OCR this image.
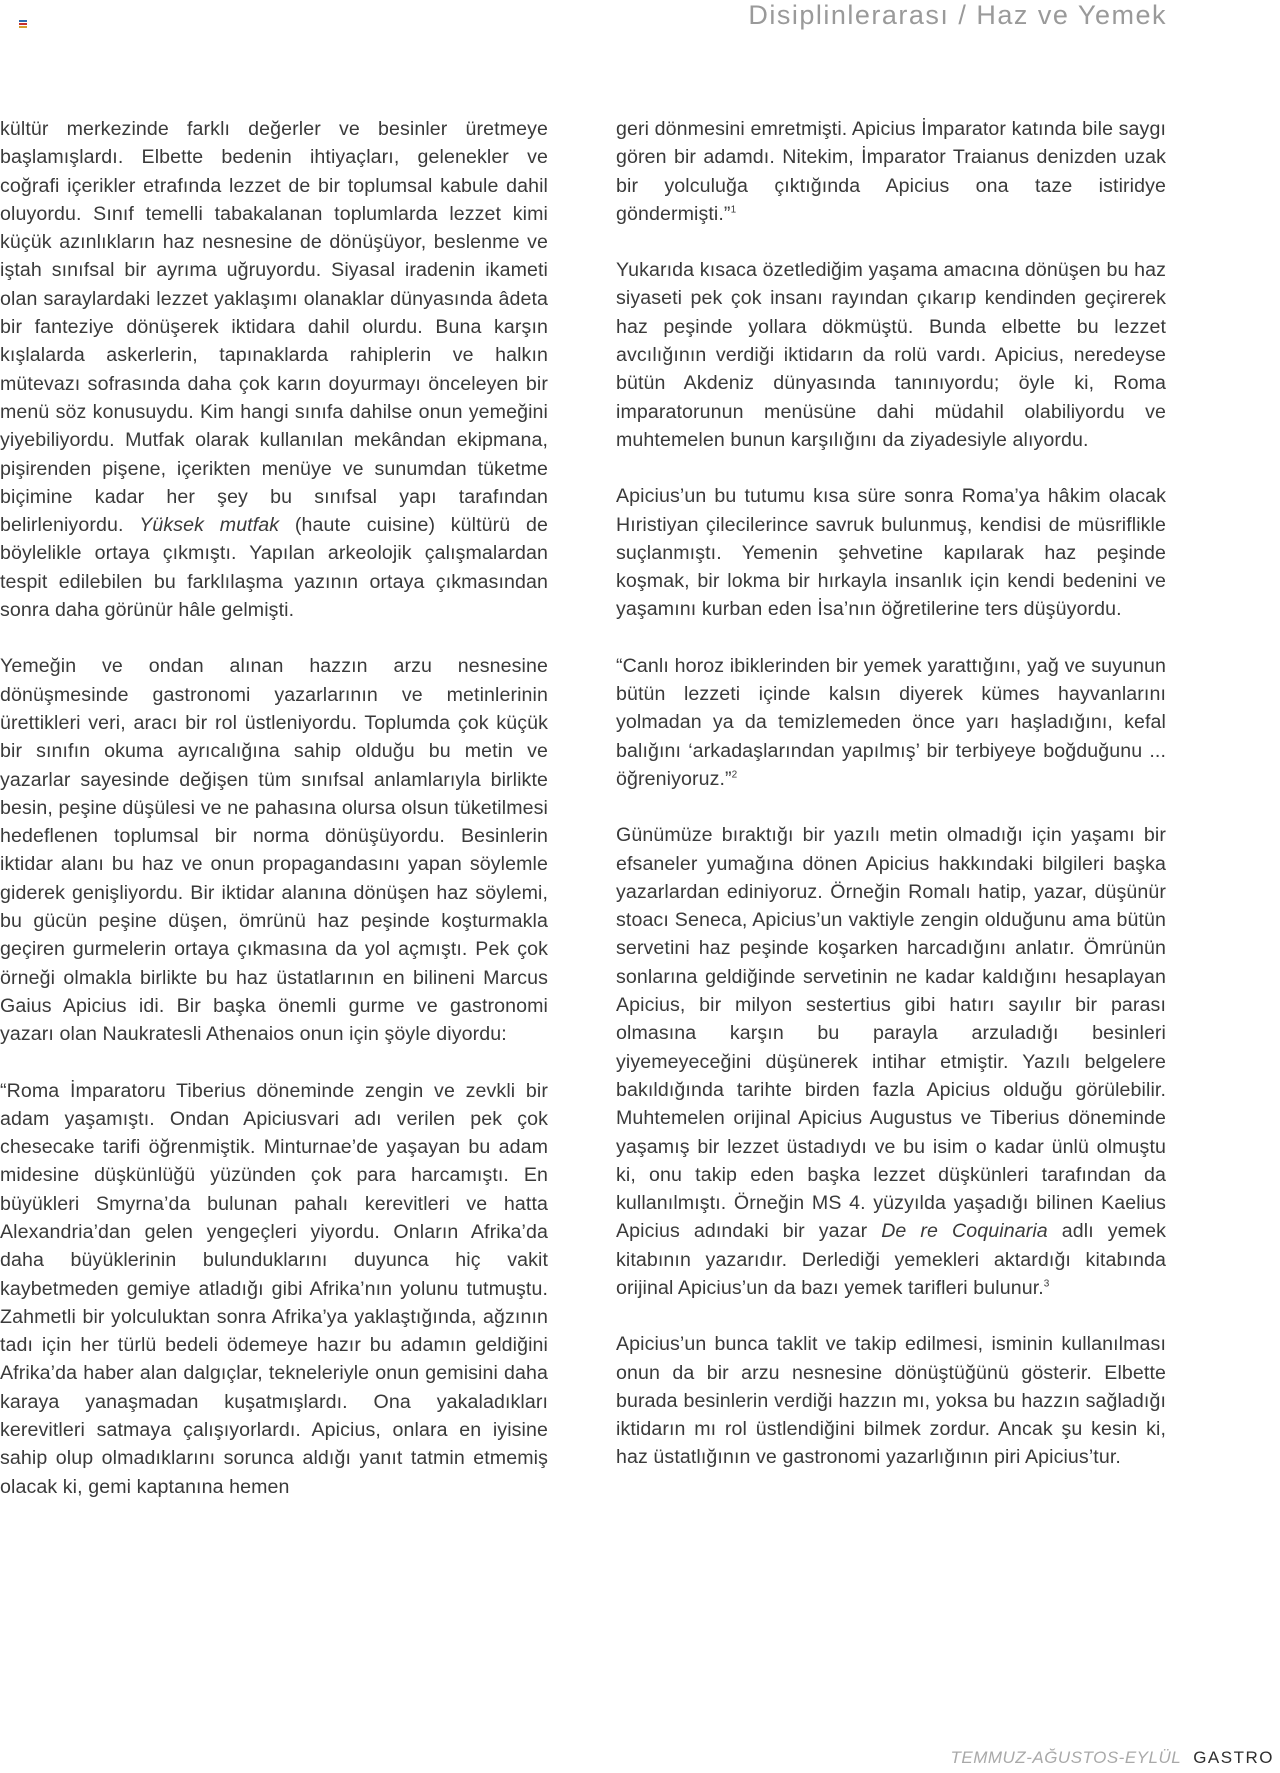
Disiplinlerarası / Haz ve Yemek

kültür merkezinde farklı değerler ve besinler üretmeye başlamışlardı. Elbette bedenin ihtiyaçları, gelenekler ve coğrafi içerikler etrafında lezzet de bir toplumsal kabule dahil oluyordu. Sınıf temelli tabakalanan toplumlarda lezzet kimi küçük azınlıkların haz nesnesine de dönüşüyor, beslenme ve iştah sınıfsal bir ayrıma uğruyordu. Siyasal iradenin ikameti olan saraylardaki lezzet yaklaşımı olanaklar dünyasında âdeta bir fanteziye dönüşerek iktidara dahil olurdu. Buna karşın kışlalarda askerlerin, tapınaklarda rahiplerin ve halkın mütevazı sofrasında daha çok karın doyurmayı önceleyen bir menü söz konusuydu. Kim hangi sınıfa dahilse onun yemeğini yiyebiliyordu. Mutfak olarak kullanılan mekândan ekipmana, pişirenden pişene, içerikten menüye ve sunumdan tüketme biçimine kadar her şey bu sınıfsal yapı tarafından belirleniyordu. Yüksek mutfak (haute cuisine) kültürü de böylelikle ortaya çıkmıştı. Yapılan arkeolojik çalışmalardan tespit edilebilen bu farklılaşma yazının ortaya çıkmasından sonra daha görünür hâle gelmişti.

Yemeğin ve ondan alınan hazzın arzu nesnesine dönüşmesinde gastronomi yazarlarının ve metinlerinin ürettikleri veri, aracı bir rol üstleniyordu. Toplumda çok küçük bir sınıfın okuma ayrıcalığına sahip olduğu bu metin ve yazarlar sayesinde değişen tüm sınıfsal anlamlarıyla birlikte besin, peşine düşülesi ve ne pahasına olursa olsun tüketilmesi hedeflenen toplumsal bir norma dönüşüyordu. Besinlerin iktidar alanı bu haz ve onun propagandasını yapan söylemle giderek genişliyordu. Bir iktidar alanına dönüşen haz söylemi, bu gücün peşine düşen, ömrünü haz peşinde koşturmakla geçiren gurmelerin ortaya çıkmasına da yol açmıştı. Pek çok örneği olmakla birlikte bu haz üstatlarının en bilineni Marcus Gaius Apicius idi. Bir başka önemli gurme ve gastronomi yazarı olan Naukratesli Athenaios onun için şöyle diyordu:

“Roma İmparatoru Tiberius döneminde zengin ve zevkli bir adam yaşamıştı. Ondan Apiciusvari adı verilen pek çok chesecake tarifi öğrenmiştik. Minturnae’de yaşayan bu adam midesine düşkünlüğü yüzünden çok para harcamıştı. En büyükleri Smyrna’da bulunan pahalı kerevitleri ve hatta Alexandria’dan gelen yengeçleri yiyordu. Onların Afrika’da daha büyüklerinin bulunduklarını duyunca hiç vakit kaybetmeden gemiye atladığı gibi Afrika’nın yolunu tutmuştu. Zahmetli bir yolculuktan sonra Afrika’ya yaklaştığında, ağzının tadı için her türlü bedeli ödemeye hazır bu adamın geldiğini Afrika’da haber alan dalgıçlar, tekneleriyle onun gemisini daha karaya yanaşmadan kuşatmışlardı. Ona yakaladıkları kerevitleri satmaya çalışıyorlardı. Apicius, onlara en iyisine sahip olup olmadıklarını sorunca aldığı yanıt tatmin etmemiş olacak ki, gemi kaptanına hemen

geri dönmesini emretmişti. Apicius İmparator katında bile saygı gören bir adamdı. Nitekim, İmparator Traianus denizden uzak bir yolculuğa çıktığında Apicius ona taze istiridye göndermişti.”$^1$

Yukarıda kısaca özetlediğim yaşama amacına dönüşen bu haz siyaseti pek çok insanı rayından çıkarıp kendinden geçirerek haz peşinde yollara dökmüştü. Bunda elbette bu lezzet avcılığının verdiği iktidarın da rolü vardı. Apicius, neredeyse bütün Akdeniz dünyasında tanınıyordu; öyle ki, Roma imparatorunun menüsüne dahi müdahil olabiliyordu ve muhtemelen bunun karşılığını da ziyadesiyle alıyordu.

Apicius’un bu tutumu kısa süre sonra Roma’ya hâkim olacak Hıristiyan çilecilerince savruk bulunmuş, kendisi de müsriflikle suçlanmıştı. Yemenin şehvetine kapılarak haz peşinde koşmak, bir lokma bir hırkayla insanlık için kendi bedenini ve yaşamını kurban eden İsa’nın öğretilerine ters düşüyordu.

“Canlı horoz ibiklerinden bir yemek yarattığını, yağ ve suyunun bütün lezzeti içinde kalsın diyerek kümes hayvanlarını yolmadan ya da temizlemeden önce yarı haşladığını, kefal balığını ‘arkadaşlarından yapılmış’ bir terbiyeye boğduğunu ... öğreniyoruz.”$^2$

Günümüze bıraktığı bir yazılı metin olmadığı için yaşamı bir efsaneler yumağına dönen Apicius hakkındaki bilgileri başka yazarlardan ediniyoruz. Örneğin Romalı hatip, yazar, düşünür stoacı Seneca, Apicius’un vaktiyle zengin olduğunu ama bütün servetini haz peşinde koşarken harcadığını anlatır. Ömrünün sonlarına geldiğinde servetinin ne kadar kaldığını hesaplayan Apicius, bir milyon sestertius gibi hatırı sayılır bir parası olmasına karşın bu parayla arzuladığı besinleri yiyemeyeceğini düşünerek intihar etmiştir. Yazılı belgelere bakıldığında tarihte birden fazla Apicius olduğu görülebilir. Muhtemelen orijinal Apicius Augustus ve Tiberius döneminde yaşamış bir lezzet üstadıydı ve bu isim o kadar ünlü olmuştu ki, onu takip eden başka lezzet düşkünleri tarafından da kullanılmıştı. Örneğin MS 4. yüzyılda yaşadığı bilinen Kaelius Apicius adındaki bir yazar De re Coquinaria adlı yemek kitabının yazarıdır. Derlediği yemekleri aktardığı kitabında orijinal Apicius’un da bazı yemek tarifleri bulunur.$^3$

Apicius’un bunca taklit ve takip edilmesi, isminin kullanılması onun da bir arzu nesnesine dönüştüğünü gösterir. Elbette burada besinlerin verdiği hazzın mı, yoksa bu hazzın sağladığı iktidarın mı rol üstlendiğini bilmek zordur. Ancak şu kesin ki, haz üstatlığının ve gastronomi yazarlığının piri Apicius’tur.

TEMMUZ-AĞUSTOS-EYLÜL GASTRO
